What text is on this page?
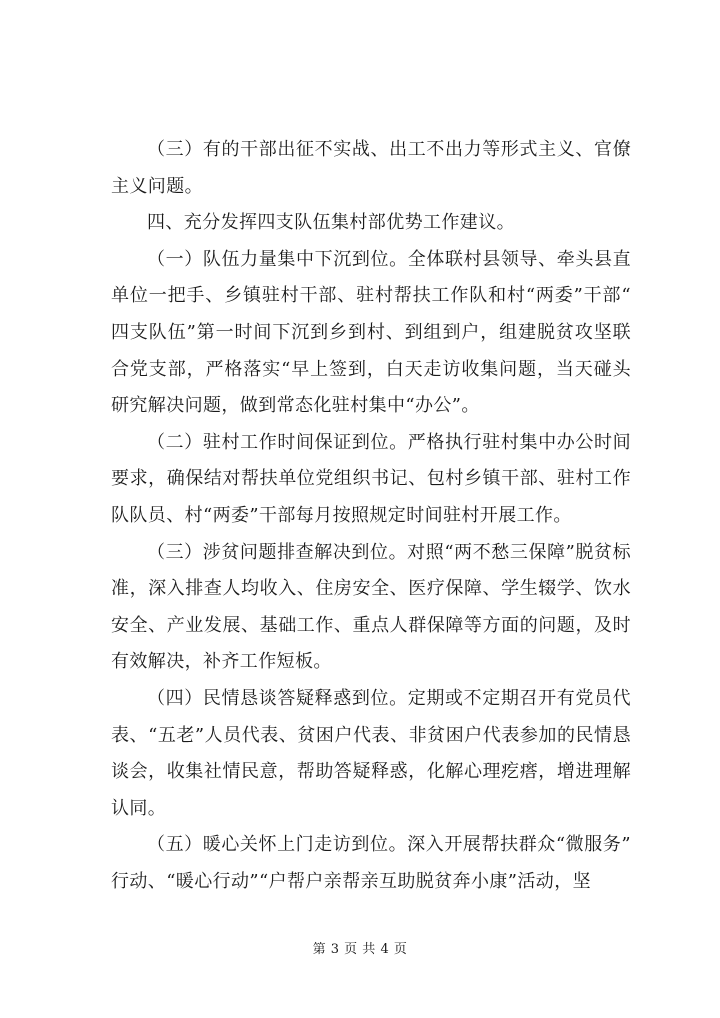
（三）有的干部出征不实战、出工不出力等形式主义、官僚主义问题。

四、充分发挥四支队伍集村部优势工作建议。

（一）队伍力量集中下沉到位。全体联村县领导、牵头县直单位一把手、乡镇驻村干部、驻村帮扶工作队和村“两委”干部“四支队伍”第一时间下沉到乡到村、到组到户，组建脱贫攻坚联合党支部，严格落实“早上签到，白天走访收集问题，当天碰头研究解决问题，做到常态化驻村集中“办公”。

（二）驻村工作时间保证到位。严格执行驻村集中办公时间要求，确保结对帮扶单位党组织书记、包村乡镇干部、驻村工作队队员、村“两委”干部每月按照规定时间驻村开展工作。

（三）涉贫问题排查解决到位。对照“两不愁三保障”脱贫标准，深入排查人均收入、住房安全、医疗保障、学生辍学、饮水安全、产业发展、基础工作、重点人群保障等方面的问题，及时有效解决，补齐工作短板。

（四）民情恳谈答疑释惑到位。定期或不定期召开有党员代表、“五老”人员代表、贫困户代表、非贫困户代表参加的民情恳谈会，收集社情民意，帮助答疑释惑，化解心理疙瘩，增进理解认同。

（五）暖心关怀上门走访到位。深入开展帮扶群众“微服务”行动、“暖心行动”“户帮户亲帮亲互助脱贫奔小康”活动，坚

第 3 页 共 4 页
